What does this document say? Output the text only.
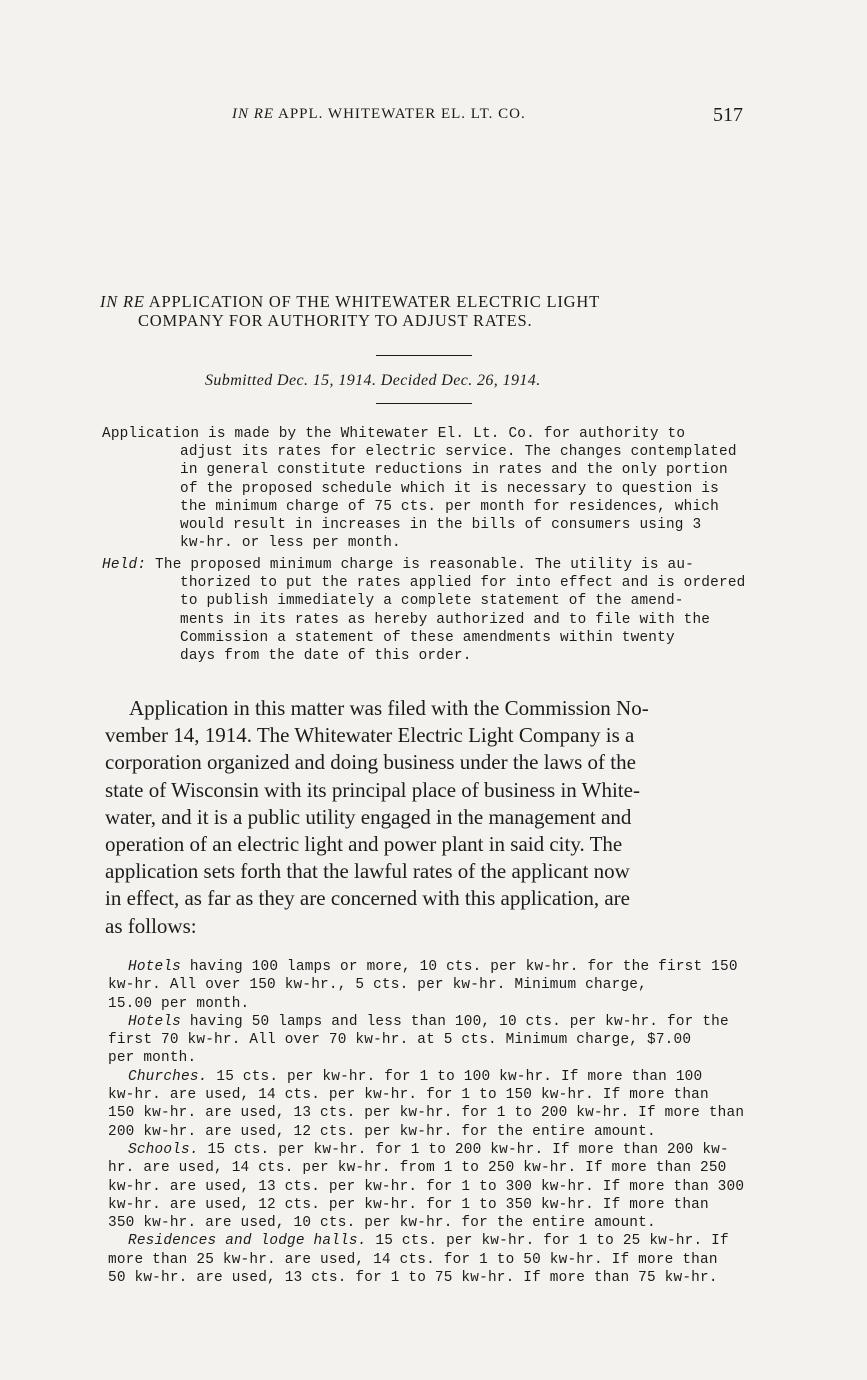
IN RE APPL. WHITEWATER EL. LT. CO.	517
IN RE APPLICATION OF THE WHITEWATER ELECTRIC LIGHT
COMPANY FOR AUTHORITY TO ADJUST RATES.
Submitted Dec. 15, 1914. Decided Dec. 26, 1914.
Application is made by the Whitewater El. Lt. Co. for authority to
adjust its rates for electric service. The changes contemplated
in general constitute reductions in rates and the only portion
of the proposed schedule which it is necessary to question is
the minimum charge of 75 cts. per month for residences, which
would result in increases in the bills of consumers using 3
kw-hr. or less per month.
Held: The proposed minimum charge is reasonable. The utility is au-
thorized to put the rates applied for into effect and is ordered
to publish immediately a complete statement of the amend-
ments in its rates as hereby authorized and to file with the
Commission a statement of these amendments within twenty
days from the date of this order.
Application in this matter was filed with the Commission No-
vember 14, 1914. The Whitewater Electric Light Company is a
corporation organized and doing business under the laws of the
state of Wisconsin with its principal place of business in White-
water, and it is a public utility engaged in the management and
operation of an electric light and power plant in said city. The
application sets forth that the lawful rates of the applicant now
in effect, as far as they are concerned with this application, are
as follows:
Hotels having 100 lamps or more, 10 cts. per kw-hr. for the first 150
kw-hr. All over 150 kw-hr., 5 cts. per kw-hr. Minimum charge,
15.00 per month.
Hotels having 50 lamps and less than 100, 10 cts. per kw-hr. for the
first 70 kw-hr. All over 70 kw-hr. at 5 cts. Minimum charge, $7.00
per month.
Churches. 15 cts. per kw-hr. for 1 to 100 kw-hr. If more than 100
kw-hr. are used, 14 cts. per kw-hr. for 1 to 150 kw-hr. If more than
150 kw-hr. are used, 13 cts. per kw-hr. for 1 to 200 kw-hr. If more than
200 kw-hr. are used, 12 cts. per kw-hr. for the entire amount.
Schools. 15 cts. per kw-hr. for 1 to 200 kw-hr. If more than 200 kw-
hr. are used, 14 cts. per kw-hr. from 1 to 250 kw-hr. If more than 250
kw-hr. are used, 13 cts. per kw-hr. for 1 to 300 kw-hr. If more than 300
kw-hr. are used, 12 cts. per kw-hr. for 1 to 350 kw-hr. If more than
350 kw-hr. are used, 10 cts. per kw-hr. for the entire amount.
Residences and lodge halls. 15 cts. per kw-hr. for 1 to 25 kw-hr. If
more than 25 kw-hr. are used, 14 cts. for 1 to 50 kw-hr. If more than
50 kw-hr. are used, 13 cts. for 1 to 75 kw-hr. If more than 75 kw-hr.
